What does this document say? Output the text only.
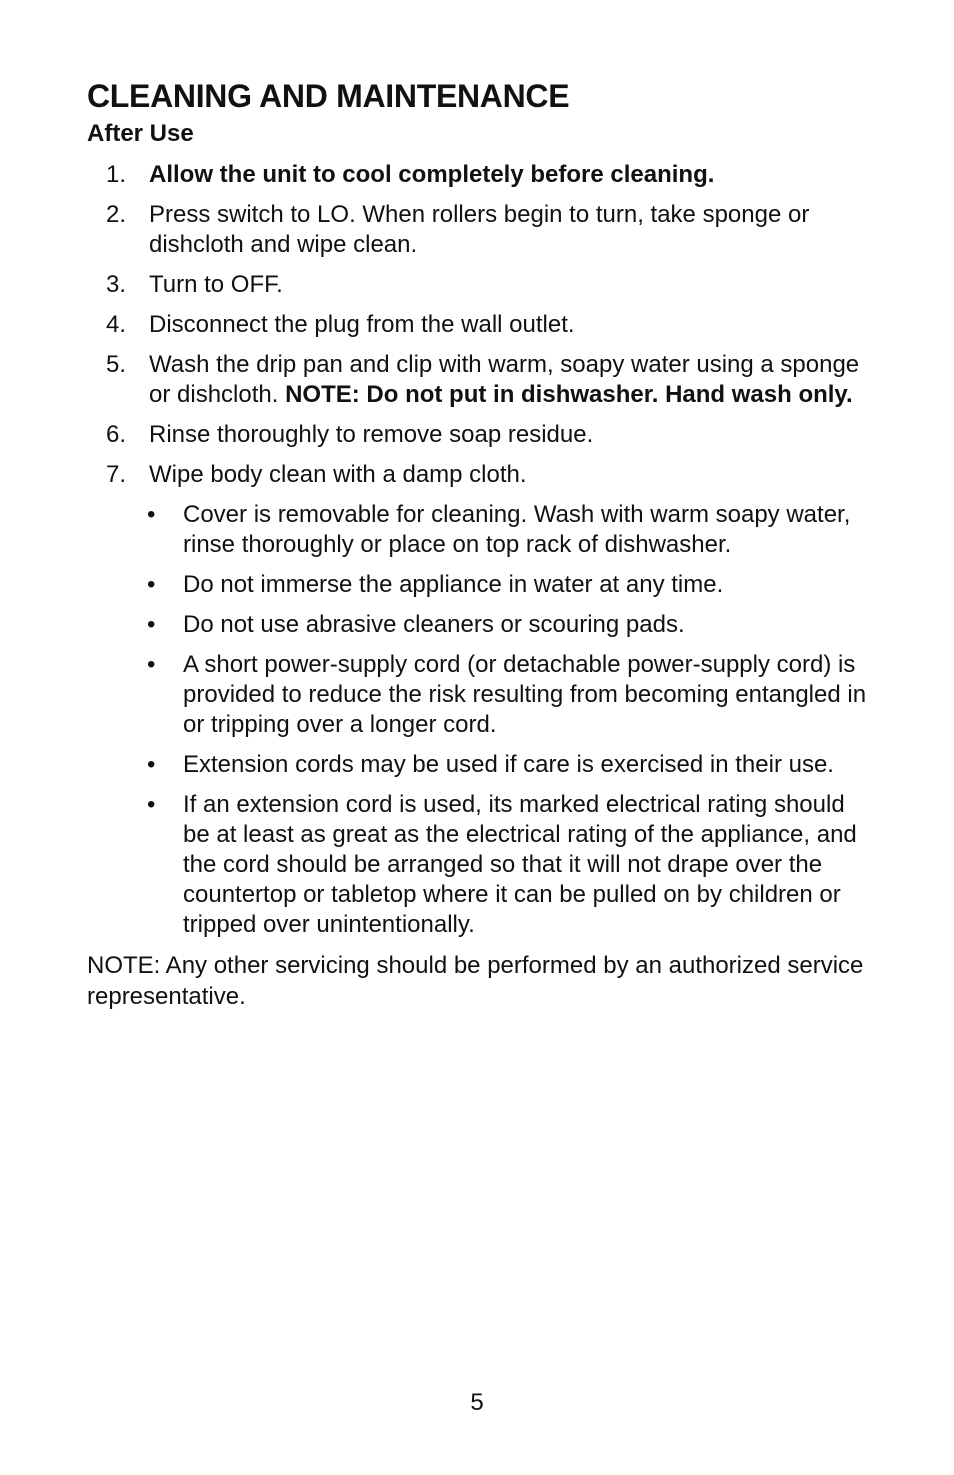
CLEANING AND MAINTENANCE
After Use
1. Allow the unit to cool completely before cleaning.
2. Press switch to LO. When rollers begin to turn, take sponge or dishcloth and wipe clean.
3. Turn to OFF.
4. Disconnect the plug from the wall outlet.
5. Wash the drip pan and clip with warm, soapy water using a sponge or dishcloth. NOTE: Do not put in dishwasher. Hand wash only.
6. Rinse thoroughly to remove soap residue.
7. Wipe body clean with a damp cloth.
• Cover is removable for cleaning. Wash with warm soapy water, rinse thoroughly or place on top rack of dishwasher.
• Do not immerse the appliance in water at any time.
• Do not use abrasive cleaners or scouring pads.
• A short power-supply cord (or detachable power-supply cord) is provided to reduce the risk resulting from becoming entangled in or tripping over a longer cord.
• Extension cords may be used if care is exercised in their use.
• If an extension cord is used, its marked electrical rating should be at least as great as the electrical rating of the appliance, and the cord should be arranged so that it will not drape over the countertop or tabletop where it can be pulled on by children or tripped over unintentionally.

NOTE: Any other servicing should be performed by an authorized service representative.

5
